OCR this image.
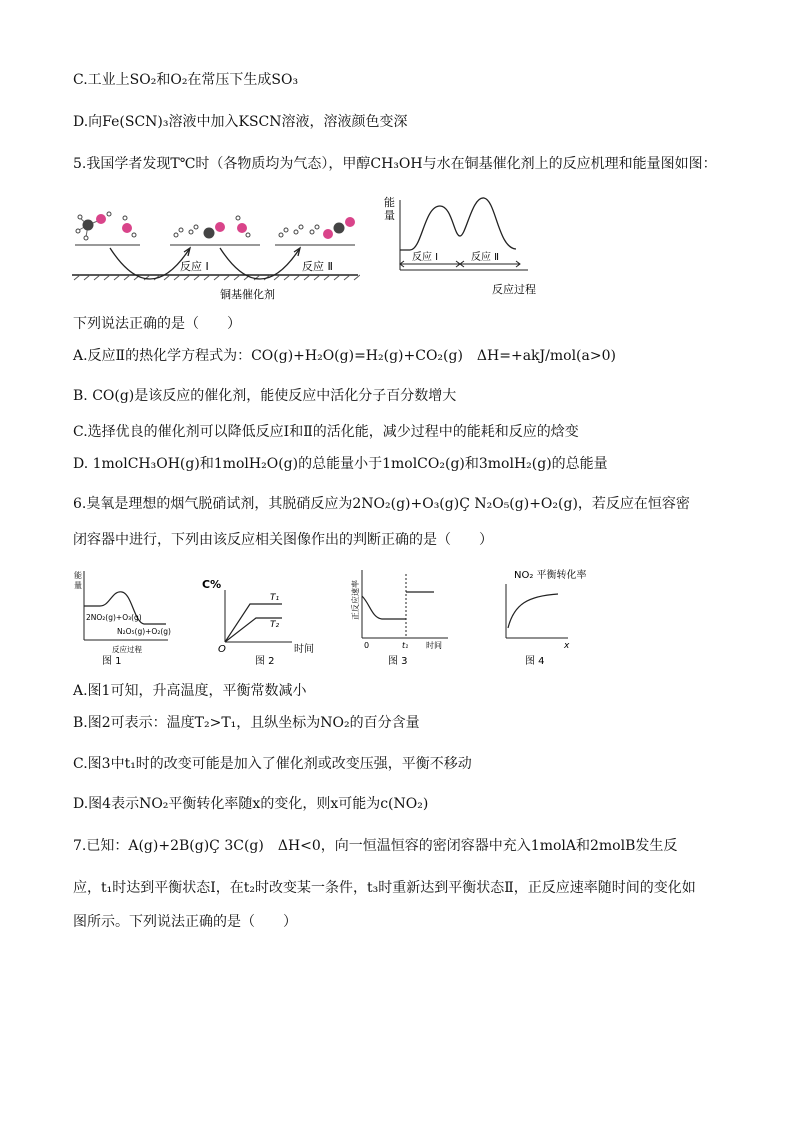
C.工业上SO₂和O₂在常压下生成SO₃
D.向Fe(SCN)₃溶液中加入KSCN溶液，溶液颜色变深
5.我国学者发现T℃时（各物质均为气态），甲醇CH₃OH与水在铜基催化剂上的反应机理和能量图如图：
反应 Ⅰ	反应 Ⅱ
铜基催化剂
能
量
反应 Ⅰ	反应 Ⅱ
反应过程
下列说法正确的是（　　）
A.反应Ⅱ的热化学方程式为：CO(g)+H₂O(g)=H₂(g)+CO₂(g)　ΔH=+akJ/mol(a>0)
B. CO(g)是该反应的催化剂，能使反应中活化分子百分数增大
C.选择优良的催化剂可以降低反应Ⅰ和Ⅱ的活化能，减少过程中的能耗和反应的焓变
D. 1molCH₃OH(g)和1molH₂O(g)的总能量小于1molCO₂(g)和3molH₂(g)的总能量
6.臭氧是理想的烟气脱硝试剂，其脱硝反应为2NO₂(g)+O₃(g)Ç N₂O₅(g)+O₂(g)，若反应在恒容密
闭容器中进行，下列由该反应相关图像作出的判断正确的是（　　）
能
量
2NO₂(g)+O₃(g)
N₂O₅(g)+O₂(g)
反应过程
图 1
C%
T₁
T₂
O	时间
图 2
正反应速率
0	t₁ 时间
图 3
NO₂ 平衡转化率
x
图 4
A.图1可知，升高温度，平衡常数减小
B.图2可表示：温度T₂>T₁，且纵坐标为NO₂的百分含量
C.图3中t₁时的改变可能是加入了催化剂或改变压强，平衡不移动
D.图4表示NO₂平衡转化率随x的变化，则x可能为c(NO₂)
7.已知：A(g)+2B(g)Ç 3C(g)　ΔH<0，向一恒温恒容的密闭容器中充入1molA和2molB发生反
应，t₁时达到平衡状态Ⅰ，在t₂时改变某一条件，t₃时重新达到平衡状态Ⅱ，正反应速率随时间的变化如
图所示。下列说法正确的是（　　）
